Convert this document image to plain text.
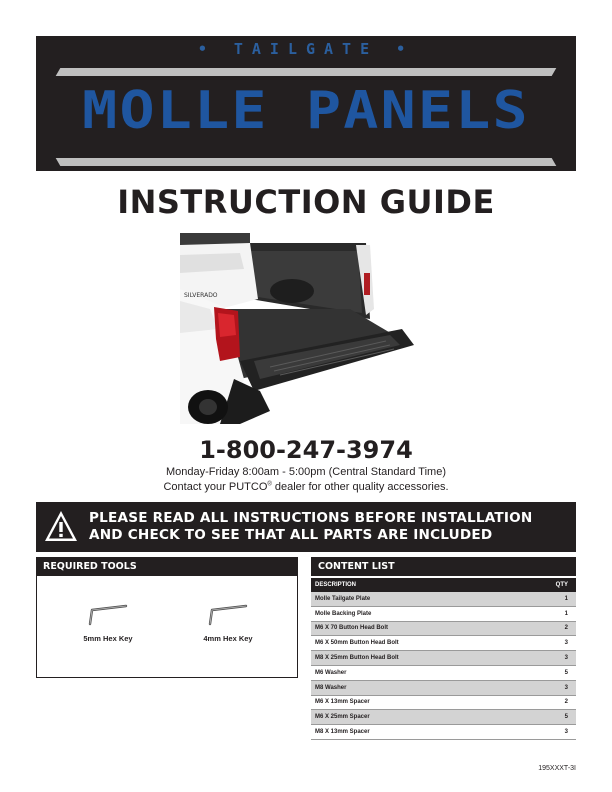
• TAILGATE •
MOLLE PANELS
INSTRUCTION GUIDE
SILVERADO
1-800-247-3974
Monday-Friday 8:00am - 5:00pm (Central Standard Time)
Contact your PUTCO® dealer for other quality accessories.
PLEASE READ ALL INSTRUCTIONS BEFORE INSTALLATION
AND CHECK TO SEE THAT ALL PARTS ARE INCLUDED
REQUIRED TOOLS
5mm Hex Key	4mm Hex Key
CONTENT LIST
DESCRIPTION	QTY
Molle Tailgate Plate	1
Molle Backing Plate	1
M6 X 70 Button Head Bolt	2
M6 X 50mm Button Head Bolt	3
M8 X 25mm Button Head Bolt	3
M6 Washer	5
M8 Washer	3
M6 X 13mm Spacer	2
M6 X 25mm Spacer	5
M8 X 13mm Spacer	3
195XXXT-3I
